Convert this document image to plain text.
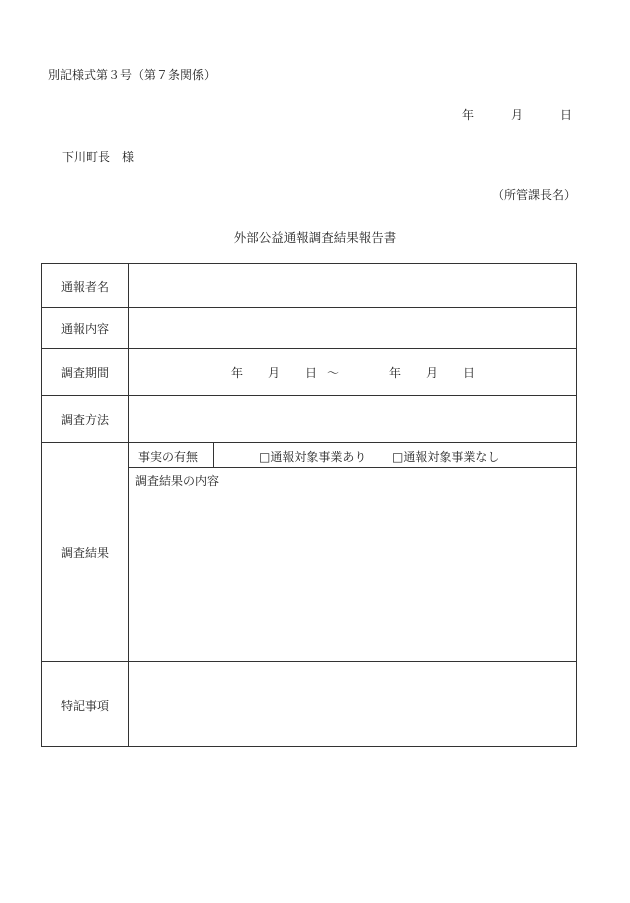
別記様式第３号（第７条関係）
年	月	日
下川町長　様
（所管課長名）
外部公益通報調査結果報告書
通報者名
通報内容
調査期間	年 月 日 ～	年 月 日
調査方法
調査結果
事実の有無	□通報対象事業あり □通報対象事業なし
調査結果の内容
特記事項
